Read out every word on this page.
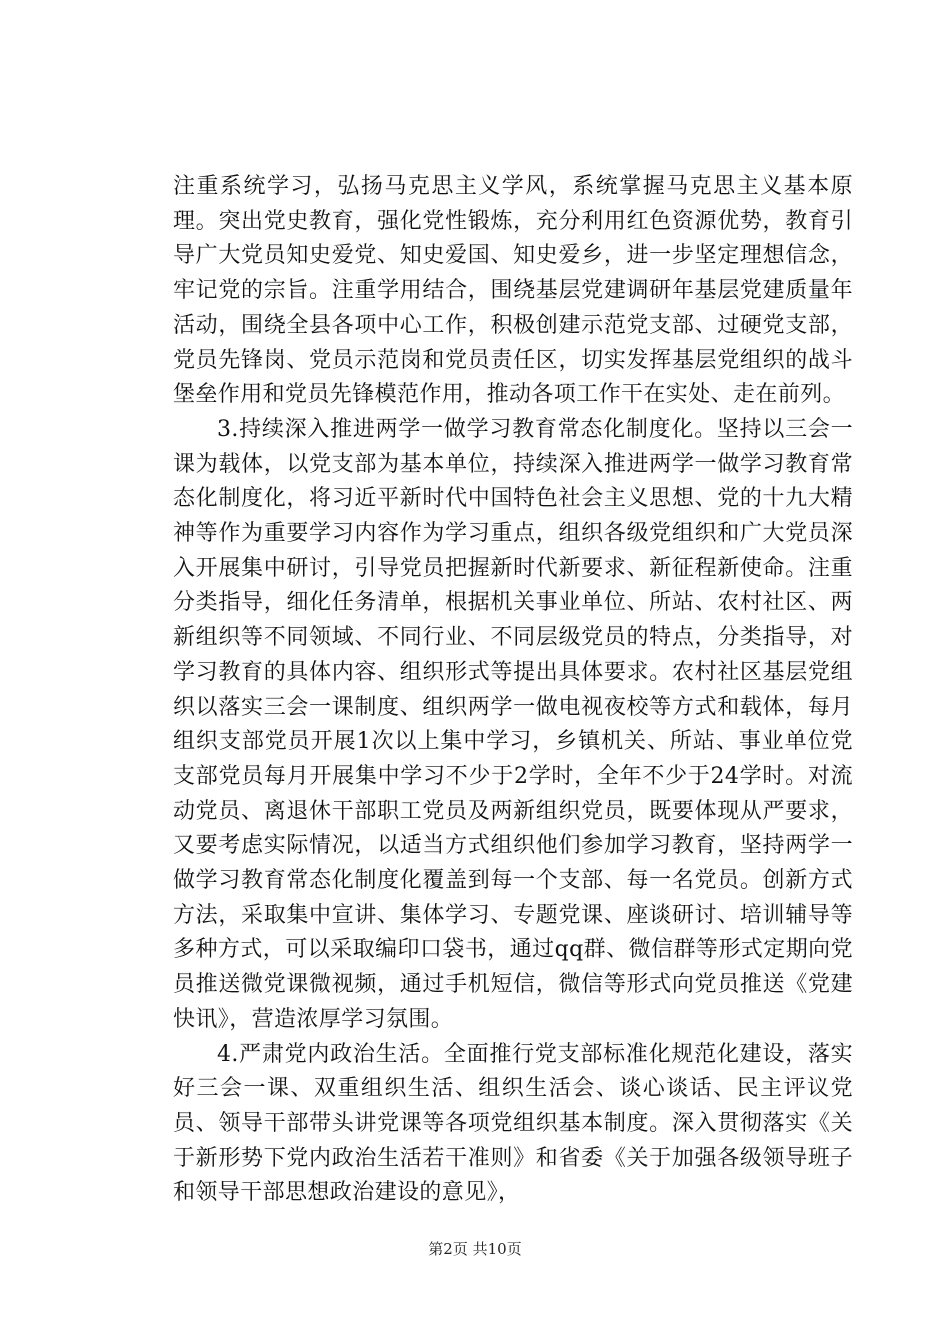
注重系统学习，弘扬马克思主义学风，系统掌握马克思主义基本原理。突出党史教育，强化党性锻炼，充分利用红色资源优势，教育引导广大党员知史爱党、知史爱国、知史爱乡，进一步坚定理想信念，牢记党的宗旨。注重学用结合，围绕基层党建调研年基层党建质量年活动，围绕全县各项中心工作，积极创建示范党支部、过硬党支部，党员先锋岗、党员示范岗和党员责任区，切实发挥基层党组织的战斗堡垒作用和党员先锋模范作用，推动各项工作干在实处、走在前列。

3.持续深入推进两学一做学习教育常态化制度化。坚持以三会一课为载体，以党支部为基本单位，持续深入推进两学一做学习教育常态化制度化，将习近平新时代中国特色社会主义思想、党的十九大精神等作为重要学习内容作为学习重点，组织各级党组织和广大党员深入开展集中研讨，引导党员把握新时代新要求、新征程新使命。注重分类指导，细化任务清单，根据机关事业单位、所站、农村社区、两新组织等不同领域、不同行业、不同层级党员的特点，分类指导，对学习教育的具体内容、组织形式等提出具体要求。农村社区基层党组织以落实三会一课制度、组织两学一做电视夜校等方式和载体，每月组织支部党员开展1次以上集中学习，乡镇机关、所站、事业单位党支部党员每月开展集中学习不少于2学时，全年不少于24学时。对流动党员、离退休干部职工党员及两新组织党员，既要体现从严要求，又要考虑实际情况，以适当方式组织他们参加学习教育，坚持两学一做学习教育常态化制度化覆盖到每一个支部、每一名党员。创新方式方法，采取集中宣讲、集体学习、专题党课、座谈研讨、培训辅导等多种方式，可以采取编印口袋书，通过qq群、微信群等形式定期向党员推送微党课微视频，通过手机短信，微信等形式向党员推送《党建快讯》，营造浓厚学习氛围。

4.严肃党内政治生活。全面推行党支部标准化规范化建设，落实好三会一课、双重组织生活、组织生活会、谈心谈话、民主评议党员、领导干部带头讲党课等各项党组织基本制度。深入贯彻落实《关于新形势下党内政治生活若干准则》和省委《关于加强各级领导班子和领导干部思想政治建设的意见》，

第2页 共10页
